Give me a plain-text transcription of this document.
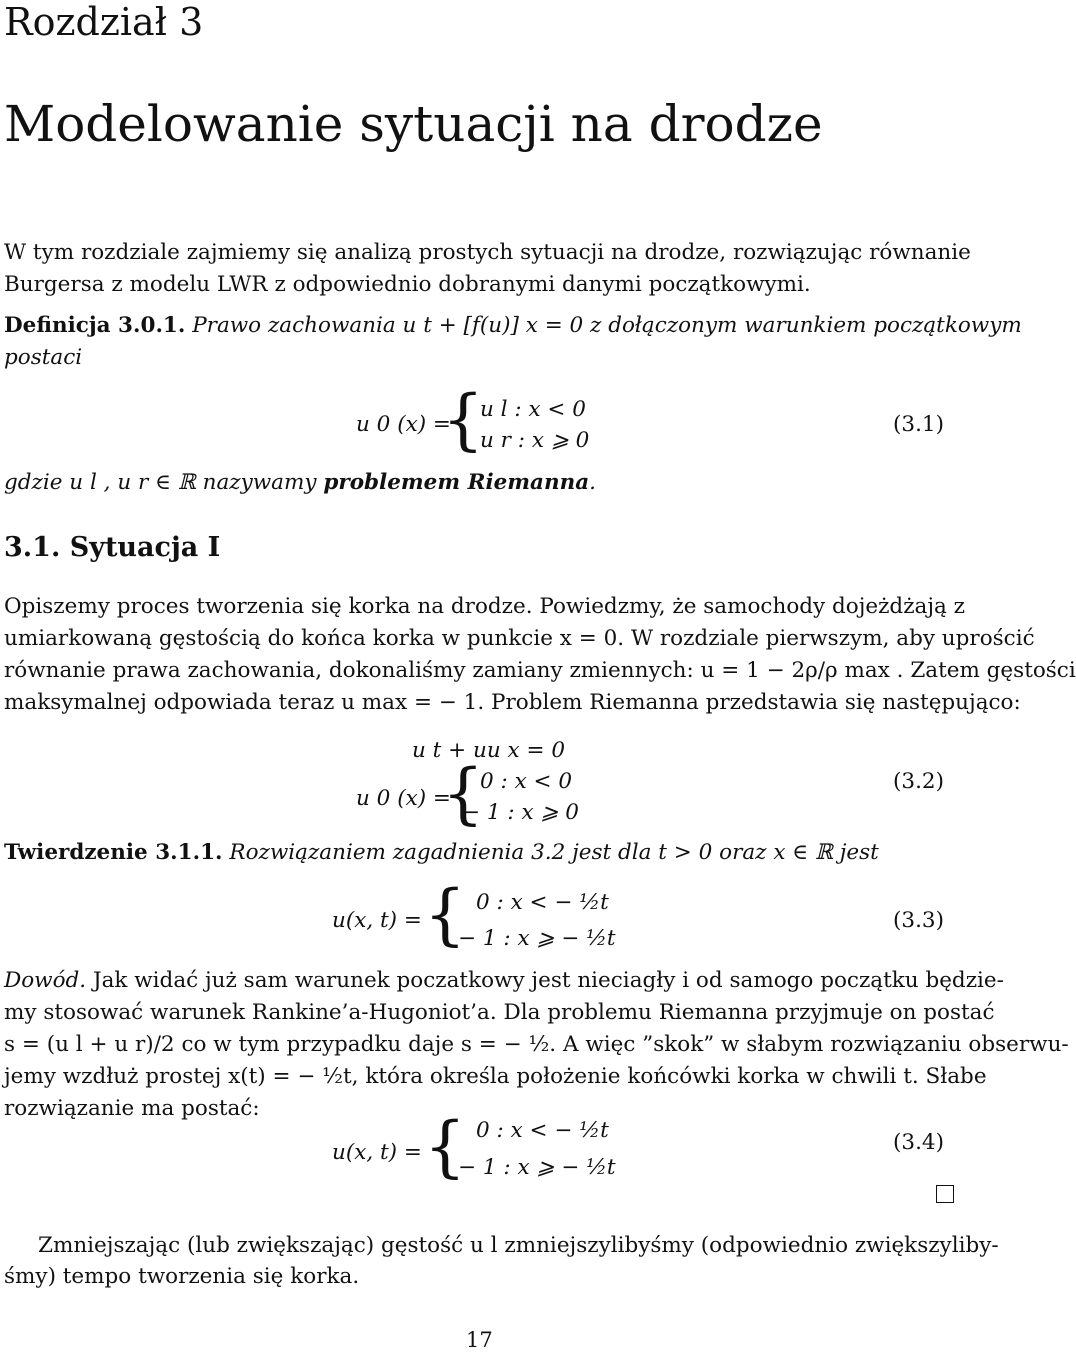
Rozdział 3
Modelowanie sytuacji na drodze
W tym rozdziale zajmiemy się analizą prostych sytuacji na drodze, rozwiązując równanie
Burgersa z modelu LWR z odpowiednio dobranymi danymi początkowymi.
Definicja 3.0.1. Prawo zachowania u t + [f(u)] x = 0 z dołączonym warunkiem początkowym
postaci
u 0 (x) =
{
u l : x < 0
u r : x ⩾ 0
(3.1)
gdzie u l , u r ∈ ℝ nazywamy problemem Riemanna.
3.1. Sytuacja I
Opiszemy proces tworzenia się korka na drodze. Powiedzmy, że samochody dojeżdżają z
umiarkowaną gęstością do końca korka w punkcie x = 0. W rozdziale pierwszym, aby uprościć
równanie prawa zachowania, dokonaliśmy zamiany zmiennych: u = 1 − 2ρ/ρ max . Zatem gęstości
maksymalnej odpowiada teraz u max = − 1. Problem Riemanna przedstawia się następująco:
u t + uu x = 0
u 0 (x) =
{
0 : x < 0
− 1 : x ⩾ 0
(3.2)
Twierdzenie 3.1.1. Rozwiązaniem zagadnienia 3.2 jest dla t > 0 oraz x ∈ ℝ jest
u(x, t) = { 0 : x < − ½t
− 1 : x ⩾ − ½t
(3.3)
Dowód. Jak widać już sam warunek poczatkowy jest nieciagły i od samogo początku będzie-
my stosować warunek Rankine’a-Hugoniot’a. Dla problemu Riemanna przyjmuje on postać
s = (u l + u r)/2 co w tym przypadku daje s = − ½. A więc ”skok” w słabym rozwiązaniu obserwu-
jemy wzdłuż prostej x(t) = − ½t, która określa położenie końcówki korka w chwili t. Słabe
rozwiązanie ma postać:
u(x, t) = { 0 : x < − ½t
− 1 : x ⩾ − ½t
(3.4)
Zmniejszając (lub zwiększając) gęstość u l zmniejszylibyśmy (odpowiednio zwiększyliby-
śmy) tempo tworzenia się korka.
17
